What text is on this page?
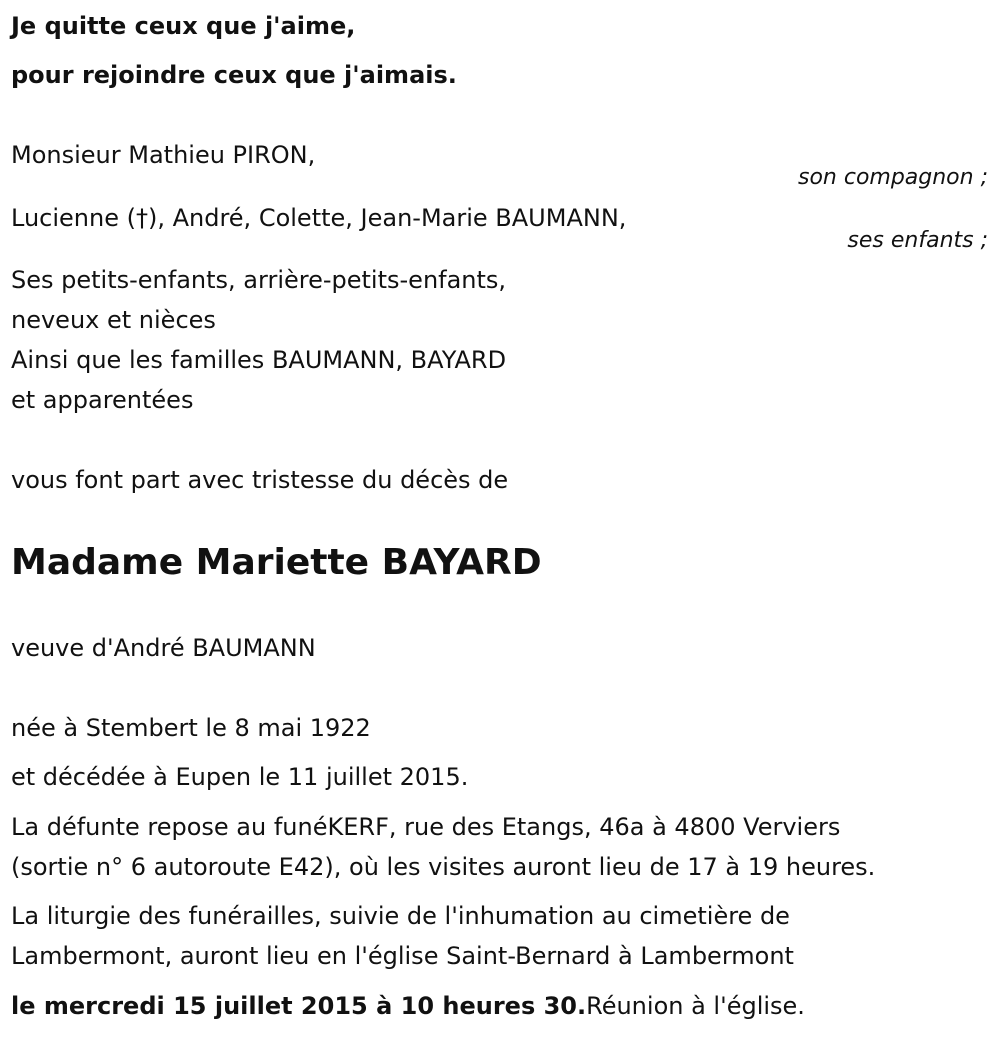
Je quitte ceux que j'aime,
pour rejoindre ceux que j'aimais.
Monsieur Mathieu PIRON,
son compagnon ;
Lucienne (†), André, Colette, Jean-Marie BAUMANN,
ses enfants ;
Ses petits-enfants, arrière-petits-enfants,
neveux et nièces
Ainsi que les familles BAUMANN, BAYARD
et apparentées
vous font part avec tristesse du décès de
Madame Mariette BAYARD
veuve d'André BAUMANN
née à Stembert le 8 mai 1922
et décédée à Eupen le 11 juillet 2015.
La défunte repose au funéKERF, rue des Etangs, 46a à 4800 Verviers
(sortie n° 6 autoroute E42), où les visites auront lieu de 17 à 19 heures.
La liturgie des funérailles, suivie de l'inhumation au cimetière de
Lambermont, auront lieu en l'église Saint-Bernard à Lambermont
le mercredi 15 juillet 2015 à 10 heures 30.Réunion à l'église.
